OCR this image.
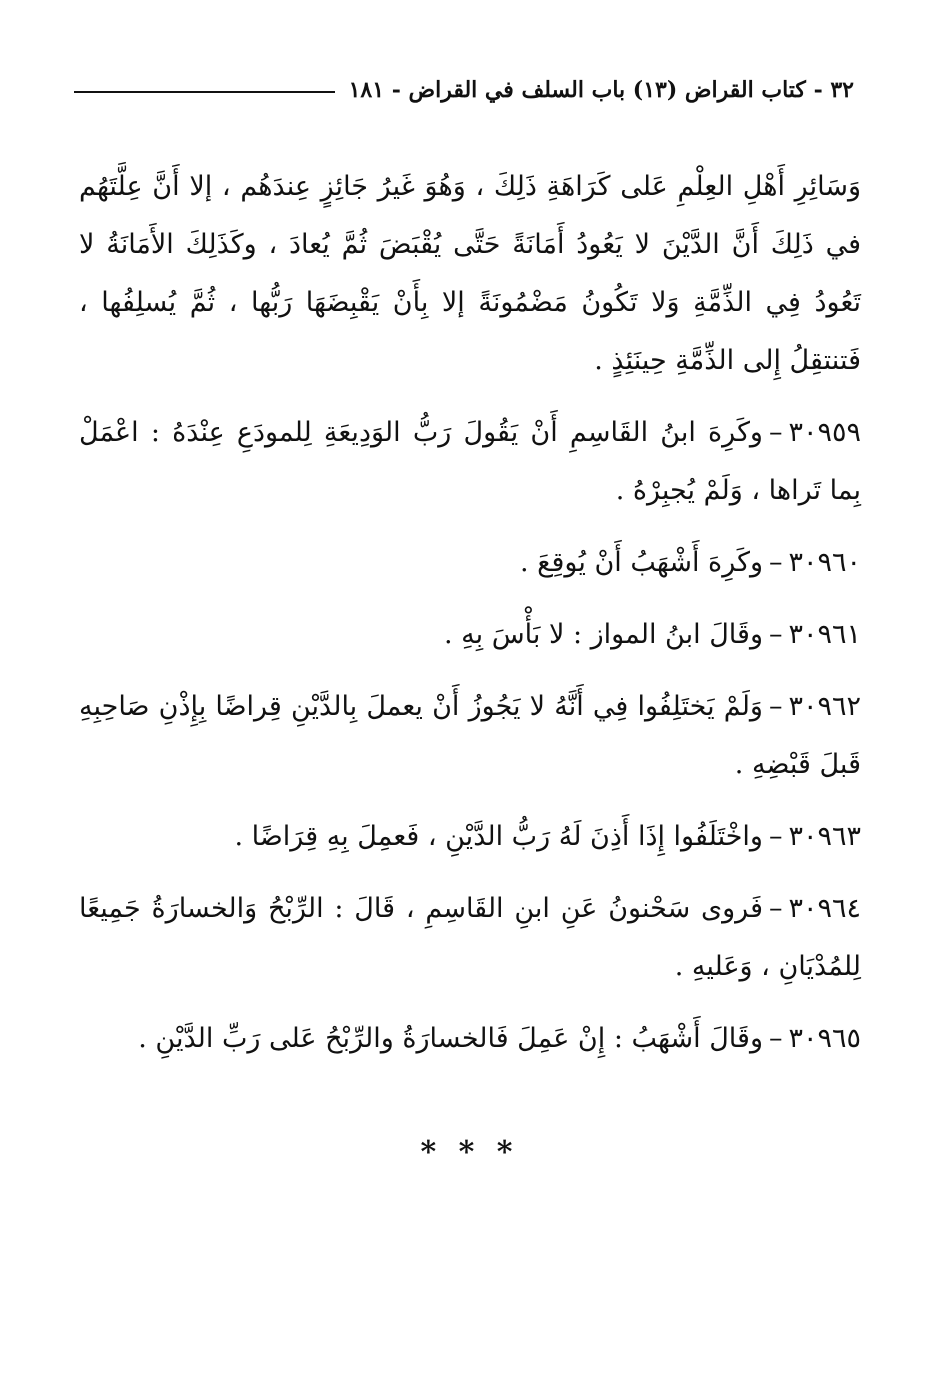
٣٢ - كتاب القراض (١٣) باب السلف في القراض - ١٨١

وَسَائِرِ أَهْلِ العِلْمِ عَلى كَرَاهَةِ ذَلِكَ ، وَهُوَ غَيرُ جَائِزٍ عِندَهُم ، إلا أَنَّ عِلَّتَهُم في ذَلِكَ أَنَّ الدَّيْنَ لا يَعُودُ أَمَانَةً حَتَّى يُقْبَضَ ثُمَّ يُعادَ ، وكَذَلِكَ الأَمَانَةُ لا تَعُودُ فِي الذِّمَّةِ وَلا تَكُونُ مَضْمُونَةً إلا بِأَنْ يَقْبِضَهَا رَبُّها ، ثُمَّ يُسلِفُها ، فَتنتقِلُ إِلى الذِّمَّةِ حِينَئِذٍ .

٣٠٩٥٩–وكَرِهَ ابنُ القَاسِمِ أَنْ يَقُولَ رَبُّ الوَدِيعَةِ لِلمودَعِ عِنْدَهُ : اعْمَلْ بِما تَراها ، وَلَمْ يُجبِرْهُ .

٣٠٩٦٠–وكَرِهَ أَشْهَبُ أَنْ يُوقِعَ .

٣٠٩٦١–وقَالَ ابنُ المواز : لا بَأْسَ بِهِ .

٣٠٩٦٢–وَلَمْ يَختَلِفُوا فِي أَنَّهُ لا يَجُوزُ أَنْ يعملَ بِالدَّيْنِ قِراضًا بِإِذْنِ صَاحِبِهِ قَبلَ قَبْضِهِ .

٣٠٩٦٣–واخْتَلَفُوا إِذَا أَذِنَ لَهُ رَبُّ الدَّيْنِ ، فَعمِلَ بِهِ قِرَاضًا .

٣٠٩٦٤–فَروى سَحْنونُ عَنِ ابنِ القَاسِمِ ، قَالَ : الرِّبْحُ وَالخسارَةُ جَمِيعًا لِلمُدْيَانِ ، وَعَليهِ .

٣٠٩٦٥–وقَالَ أَشْهَبُ : إِنْ عَمِلَ فَالخسارَةُ والرِّبْحُ عَلى رَبِّ الدَّيْنِ .

* * *
